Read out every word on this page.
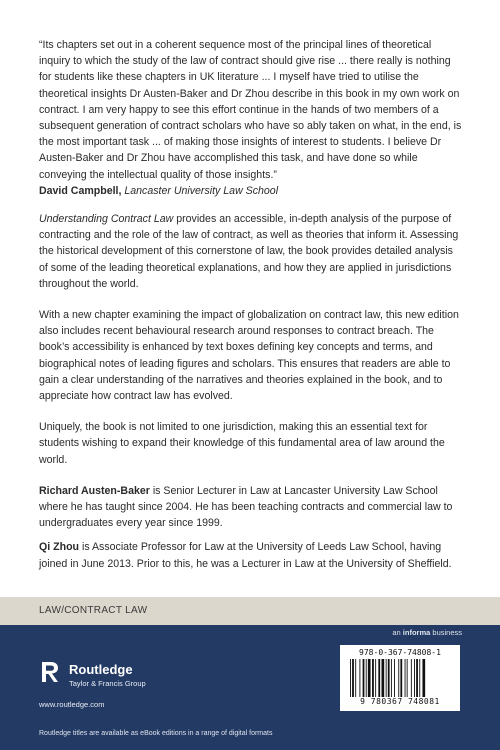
“Its chapters set out in a coherent sequence most of the principal lines of theoretical inquiry to which the study of the law of contract should give rise ... there really is nothing for students like these chapters in UK literature ... I myself have tried to utilise the theoretical insights Dr Austen-Baker and Dr Zhou describe in this book in my own work on contract. I am very happy to see this effort continue in the hands of two members of a subsequent generation of contract scholars who have so ably taken on what, in the end, is the most important task ... of making those insights of interest to students. I believe Dr Austen-Baker and Dr Zhou have accomplished this task, and have done so while conveying the intellectual quality of those insights.”
David Campbell, Lancaster University Law School

Understanding Contract Law provides an accessible, in-depth analysis of the purpose of contracting and the role of the law of contract, as well as theories that inform it. Assessing the historical development of this cornerstone of law, the book provides detailed analysis of some of the leading theoretical explanations, and how they are applied in jurisdictions throughout the world.

With a new chapter examining the impact of globalization on contract law, this new edition also includes recent behavioural research around responses to contract breach. The book’s accessibility is enhanced by text boxes defining key concepts and terms, and biographical notes of leading figures and scholars. This ensures that readers are able to gain a clear understanding of the narratives and theories explained in the book, and to appreciate how contract law has evolved.

Uniquely, the book is not limited to one jurisdiction, making this an essential text for students wishing to expand their knowledge of this fundamental area of law around the world.

Richard Austen-Baker is Senior Lecturer in Law at Lancaster University Law School where he has taught since 2004. He has been teaching contracts and commercial law to undergraduates every year since 1999.

Qi Zhou is Associate Professor for Law at the University of Leeds Law School, having joined in June 2013. Prior to this, he was a Lecturer in Law at the University of Sheffield.

LAW/CONTRACT LAW
an informa business
Routledge
Taylor & Francis Group
www.routledge.com
Routledge titles are available as eBook editions in a range of digital formats
978-0-367-74808-1
9 780367 748081
